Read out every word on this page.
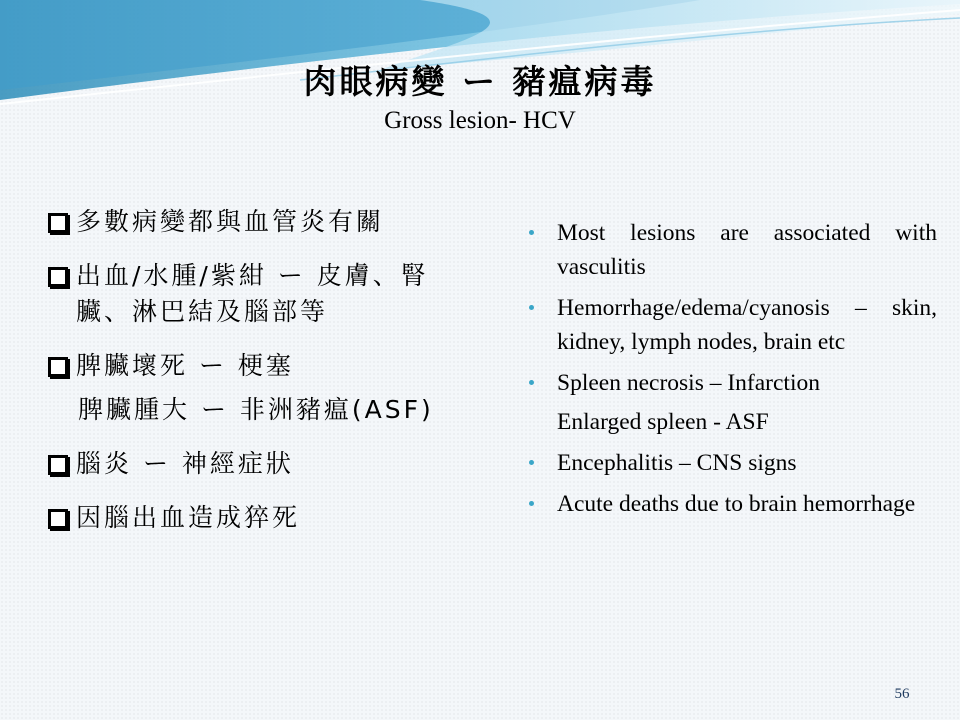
肉眼病變 ー 豬瘟病毒
Gross lesion- HCV
多數病變都與血管炎有關
出血/水腫/紫紺 ー 皮膚、腎
臟、淋巴結及腦部等
脾臟壞死 ー 梗塞
脾臟腫大 ー 非洲豬瘟(ASF)
腦炎 ー 神經症狀
因腦出血造成猝死
Most lesions are associated with vasculitis
Hemorrhage/edema/cyanosis – skin, kidney, lymph nodes, brain etc
Spleen necrosis – Infarction
Enlarged spleen - ASF
Encephalitis – CNS signs
Acute deaths due to brain hemorrhage
56
